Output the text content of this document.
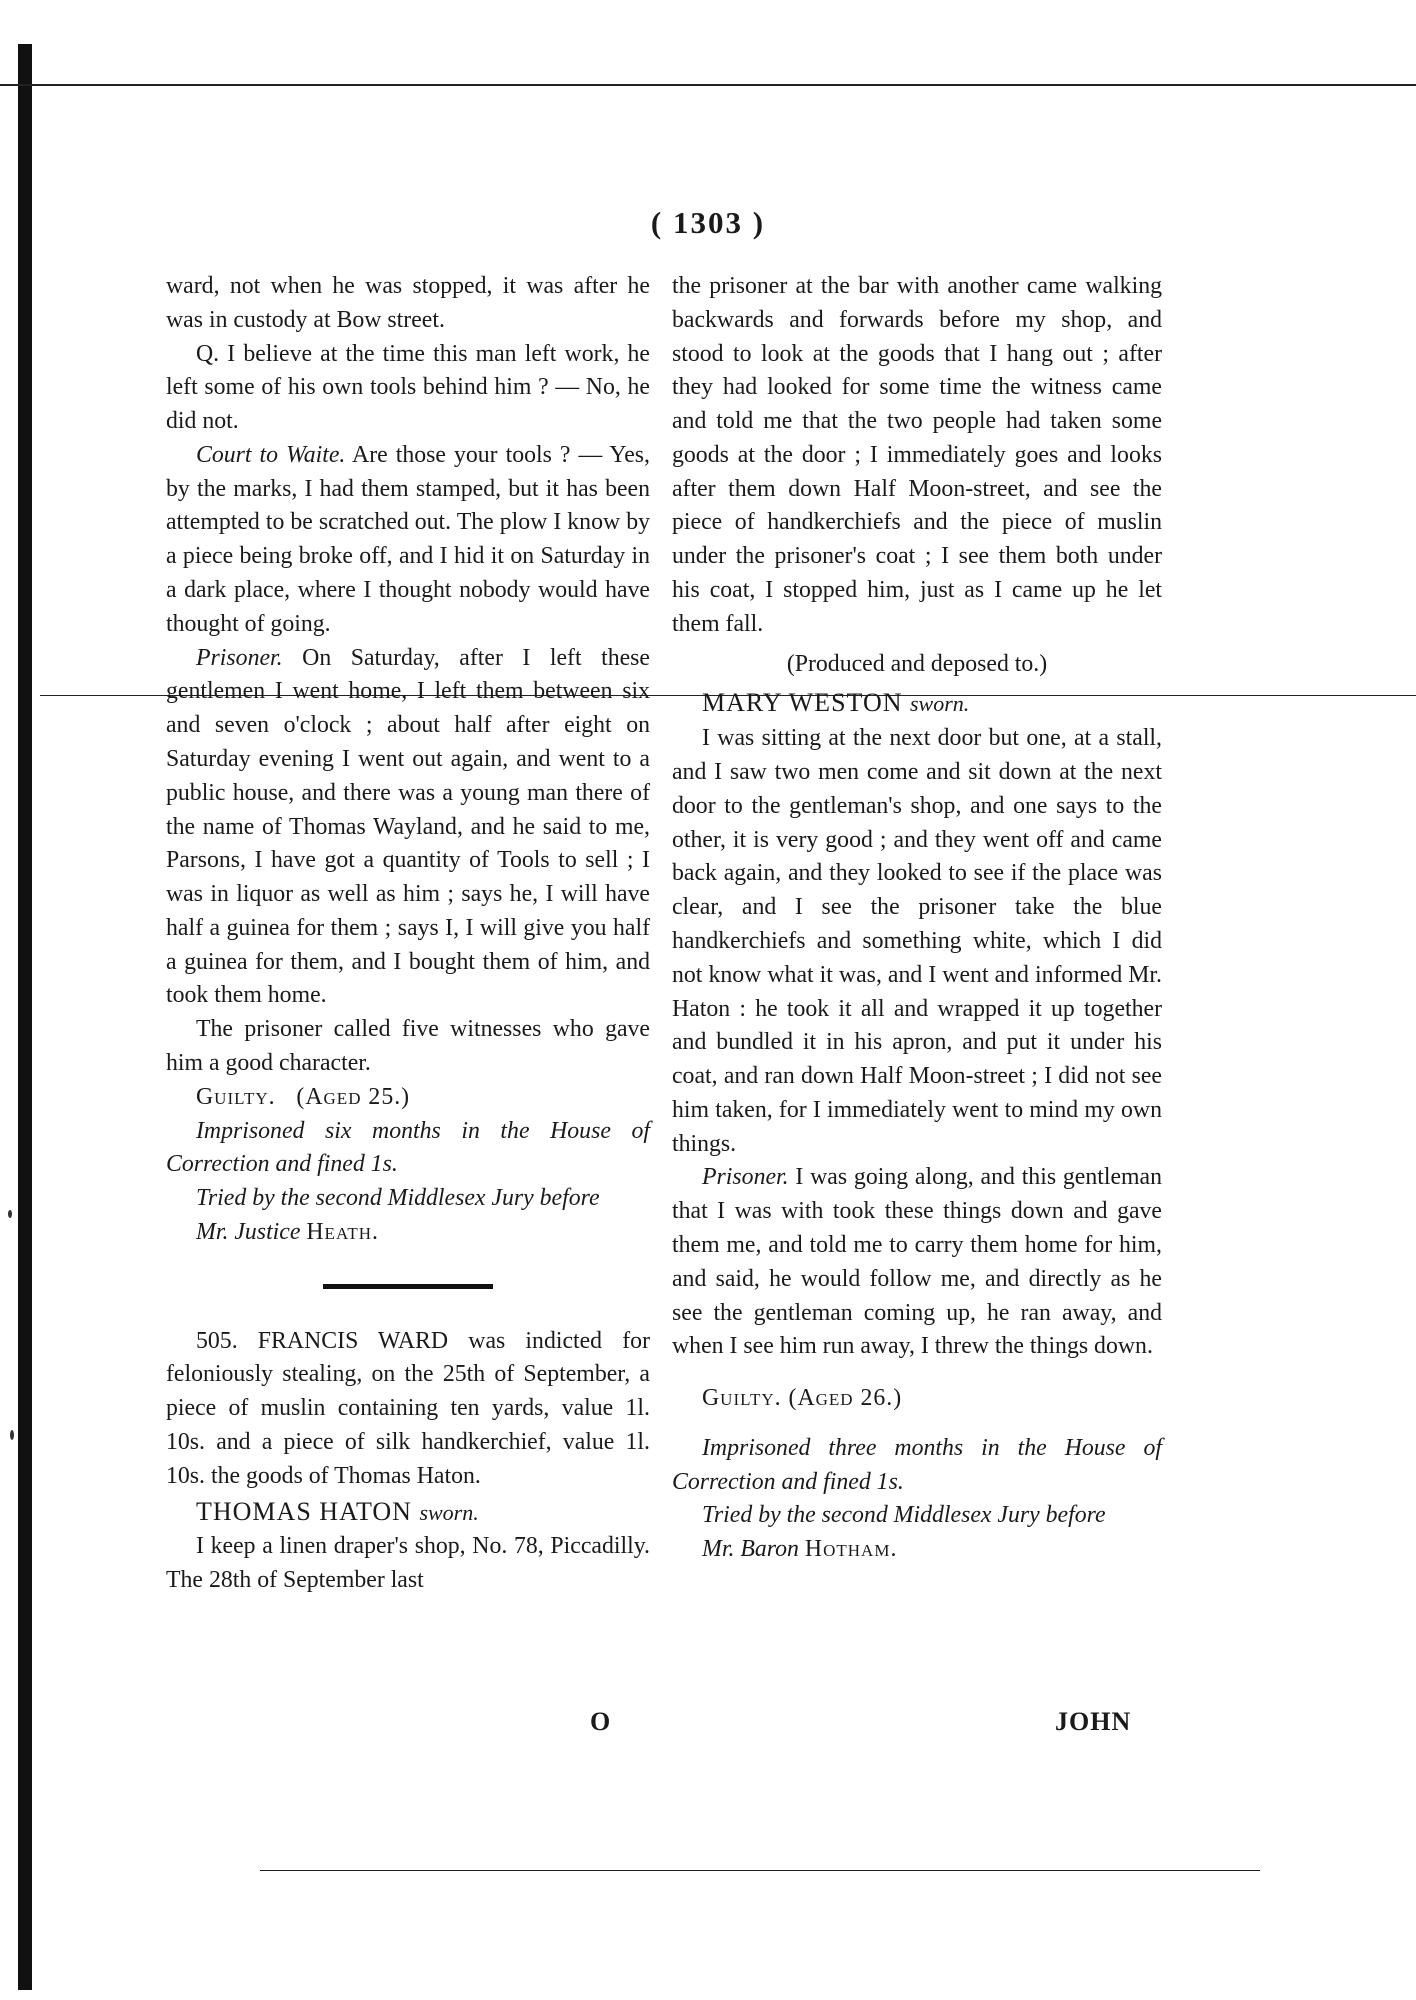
( 1303 )

ward, not when he was stopped, it was after he was in custody at Bow street.

Q. I believe at the time this man left work, he left some of his own tools behind him ? — No, he did not.

Court to Waite. Are those your tools ? — Yes, by the marks, I had them stamped, but it has been attempted to be scratched out. The plow I know by a piece being broke off, and I hid it on Saturday in a dark place, where I thought nobody would have thought of going.

Prisoner. On Saturday, after I left these gentlemen I went home, I left them between six and seven o'clock ; about half after eight on Saturday evening I went out again, and went to a public house, and there was a young man there of the name of Thomas Wayland, and he said to me, Parsons, I have got a quantity of Tools to sell ; I was in liquor as well as him ; says he, I will have half a guinea for them ; says I, I will give you half a guinea for them, and I bought them of him, and took them home.

The prisoner called five witnesses who gave him a good character.

Guilty. (Aged 25.)

Imprisoned six months in the House of Correction and fined 1s.

Tried by the second Middlesex Jury before

Mr. Justice Heath.

505. FRANCIS WARD was indicted for feloniously stealing, on the 25th of September, a piece of muslin containing ten yards, value 1l. 10s. and a piece of silk handkerchief, value 1l. 10s. the goods of Thomas Haton.

THOMAS HATON sworn.

I keep a linen draper's shop, No. 78, Piccadilly. The 28th of September last

the prisoner at the bar with another came walking backwards and forwards before my shop, and stood to look at the goods that I hang out ; after they had looked for some time the witness came and told me that the two people had taken some goods at the door ; I immediately goes and looks after them down Half Moon-street, and see the piece of handkerchiefs and the piece of muslin under the prisoner's coat ; I see them both under his coat, I stopped him, just as I came up he let them fall.

(Produced and deposed to.)

MARY WESTON sworn.

I was sitting at the next door but one, at a stall, and I saw two men come and sit down at the next door to the gentleman's shop, and one says to the other, it is very good ; and they went off and came back again, and they looked to see if the place was clear, and I see the prisoner take the blue handkerchiefs and something white, which I did not know what it was, and I went and informed Mr. Haton : he took it all and wrapped it up together and bundled it in his apron, and put it under his coat, and ran down Half Moon-street ; I did not see him taken, for I immediately went to mind my own things.

Prisoner. I was going along, and this gentleman that I was with took these things down and gave them me, and told me to carry them home for him, and said, he would follow me, and directly as he see the gentleman coming up, he ran away, and when I see him run away, I threw the things down.

Guilty. (Aged 26.)

Imprisoned three months in the House of Correction and fined 1s.

Tried by the second Middlesex Jury before

Mr. Baron Hotham.

O	JOHN
